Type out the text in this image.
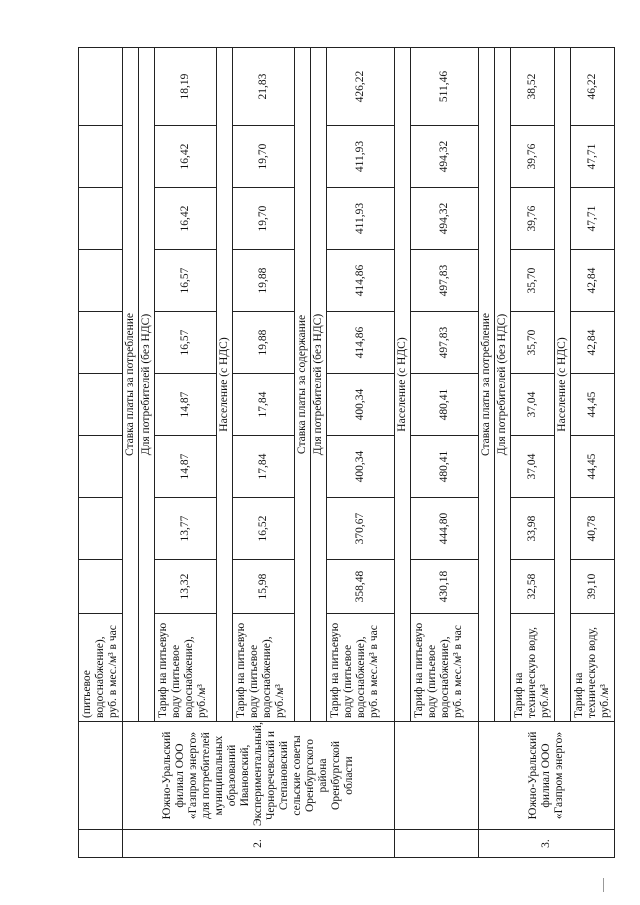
		(питьевое водоснабжение), руб. в мес./м³ в час									
2.	Южно-Уральский филиал ООО «Газпром энерго» для потребителей муниципальных образований Ивановский, Экспериментальный, Черноречевский и Степановский сельские советы Оренбургского района Оренбургской области	Ставка платы за потребление									
		Для потребителей (без НДС)									
		Тариф на питьевую воду (питьевое водоснабжение), руб./м³	13,32	13,77	14,87	14,87	16,57	16,57	16,42	16,42	18,19
		Население (с НДС)									
		Тариф на питьевую воду (питьевое водоснабжение), руб./м³	15,98	16,52	17,84	17,84	19,88	19,88	19,70	19,70	21,83
		Ставка платы за содержание									
		Для потребителей (без НДС)									
		Тариф на питьевую воду (питьевое водоснабжение), руб. в мес./м³ в час	358,48	370,67	400,34	400,34	414,86	414,86	411,93	411,93	426,22
		Население (с НДС)									
		Тариф на питьевую воду (питьевое водоснабжение), руб. в мес./м³ в час	430,18	444,80	480,41	480,41	497,83	497,83	494,32	494,32	511,46
3.	Южно-Уральский филиал ООО «Газпром энерго»	Ставка платы за потребление									
		Для потребителей (без НДС)									
		Тариф на техническую воду, руб./м³	32,58	33,98	37,04	37,04	35,70	35,70	39,76	39,76	38,52
		Население (с НДС)									
		Тариф на техническую воду, руб./м³	39,10	40,78	44,45	44,45	42,84	42,84	47,71	47,71	46,22
